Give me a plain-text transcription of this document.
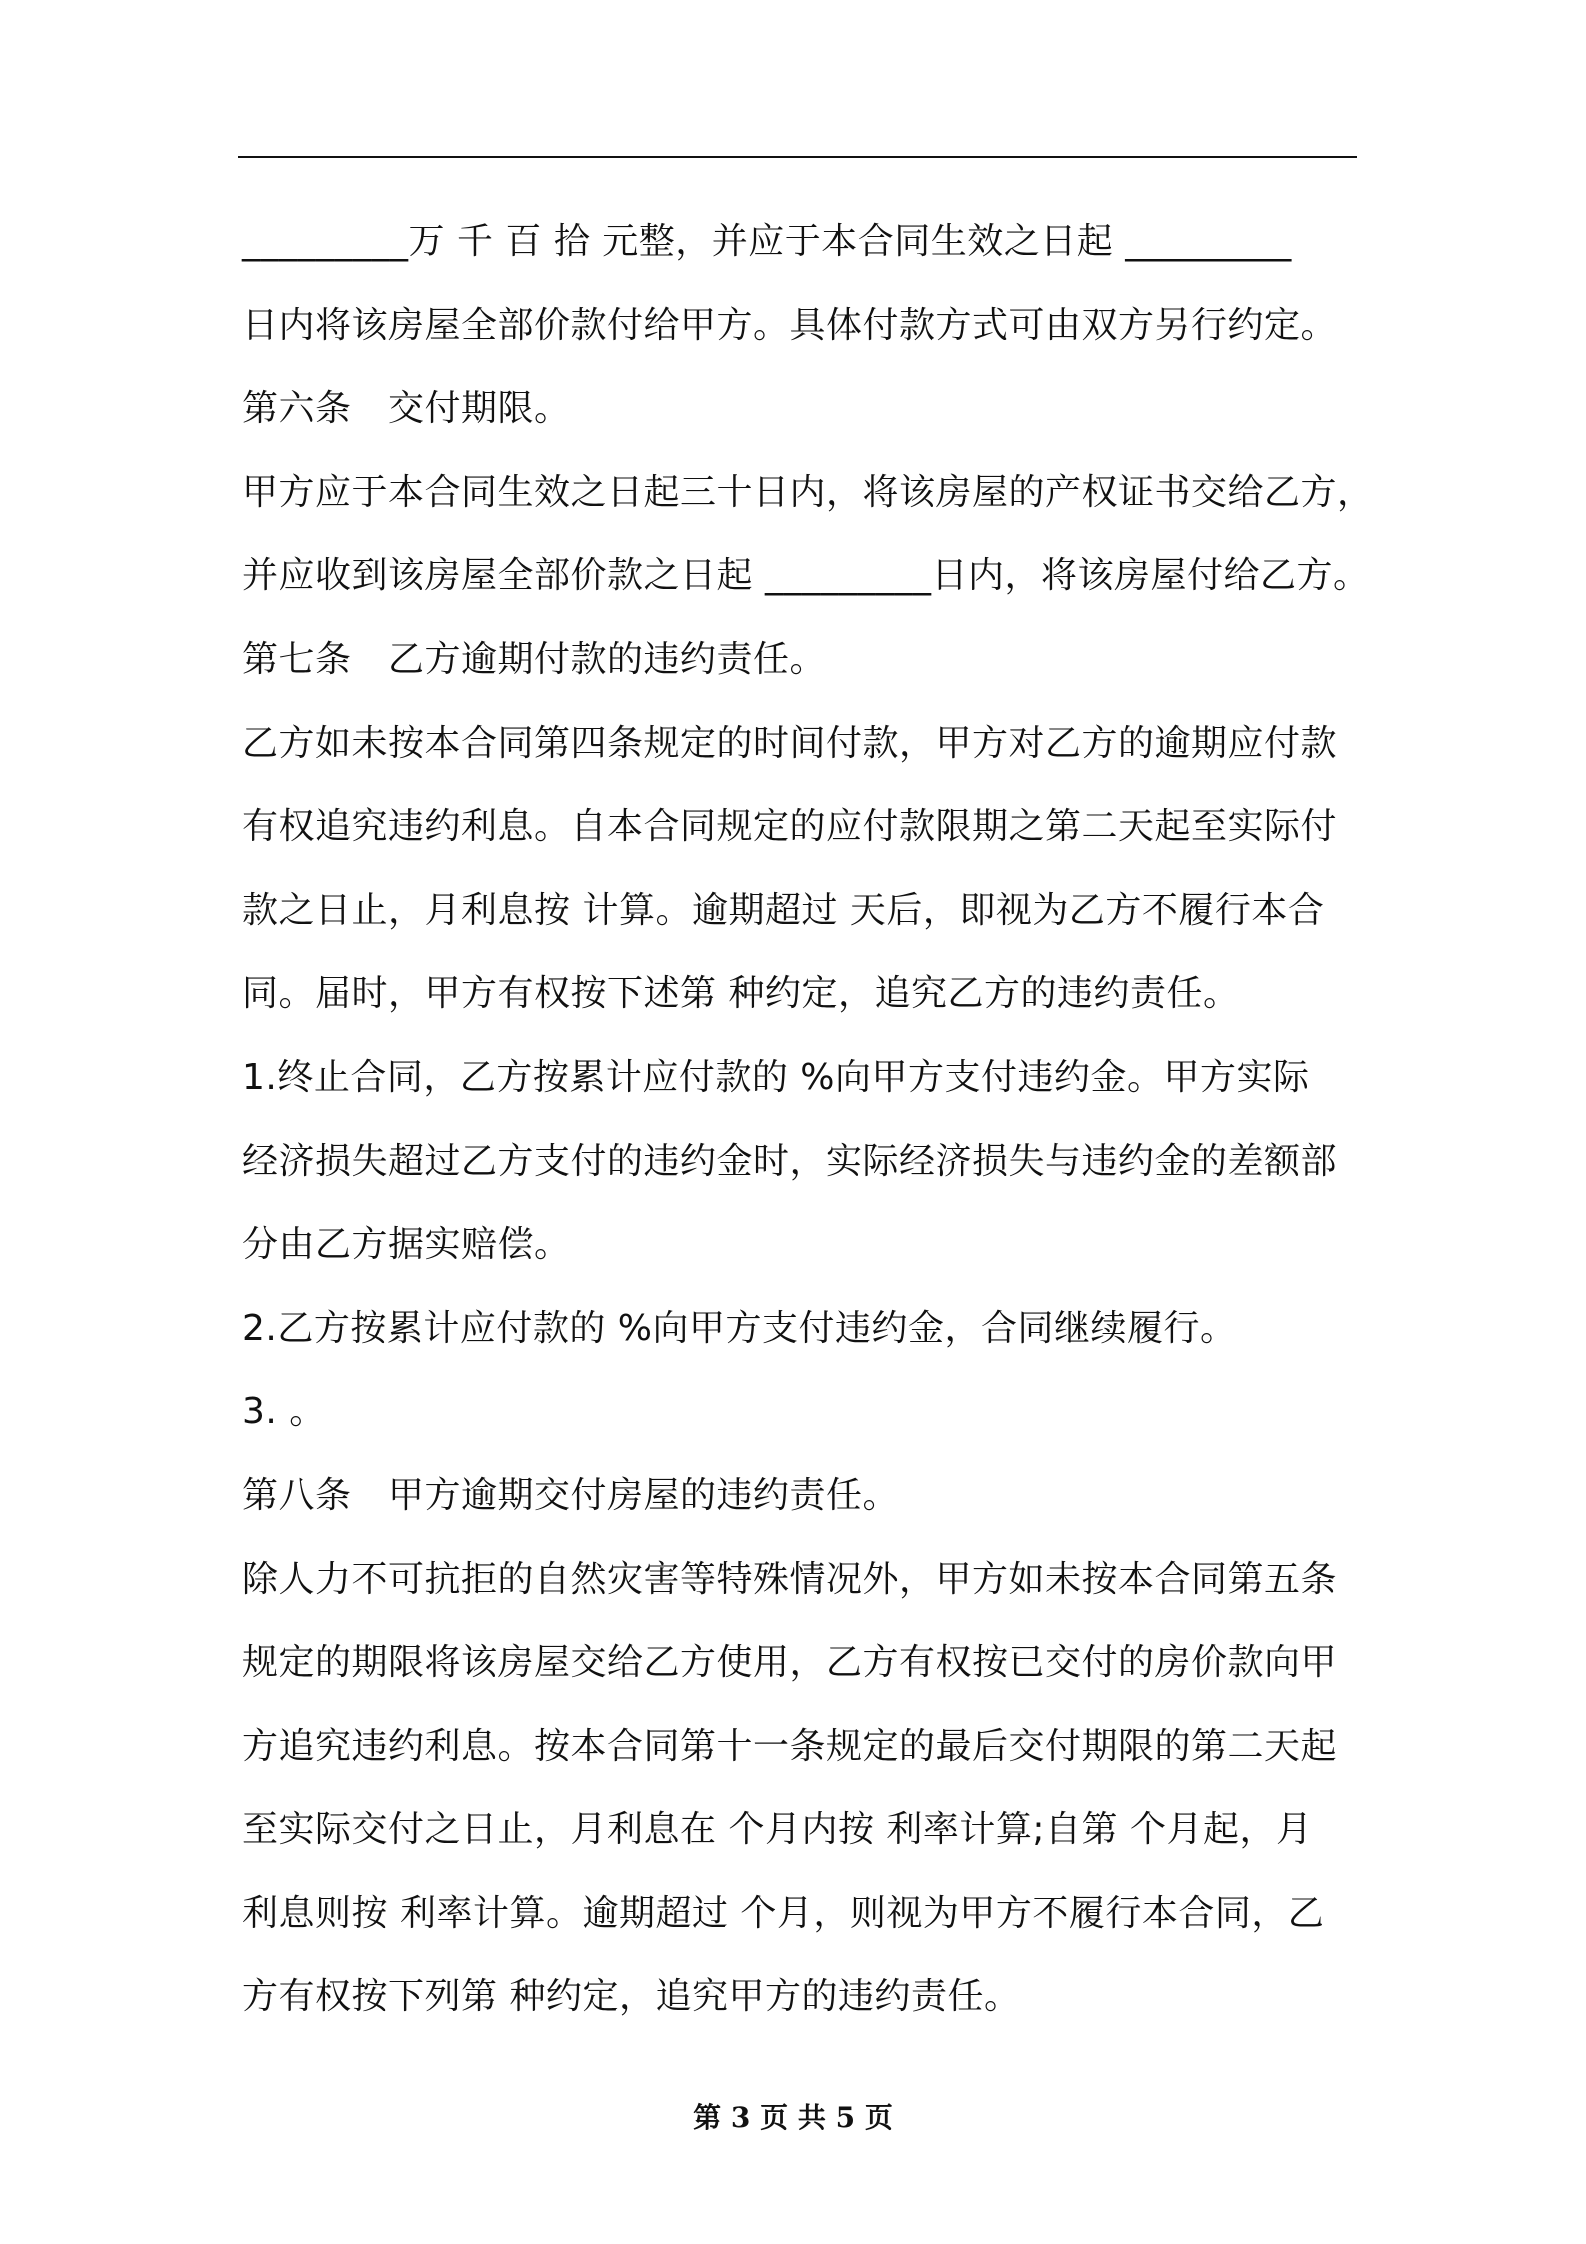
_________万 千 百 拾 元整，并应于本合同生效之日起 _________
日内将该房屋全部价款付给甲方。具体付款方式可由双方另行约定。
第六条　交付期限。
甲方应于本合同生效之日起三十日内，将该房屋的产权证书交给乙方，
并应收到该房屋全部价款之日起 _________日内，将该房屋付给乙方。
第七条　乙方逾期付款的违约责任。
乙方如未按本合同第四条规定的时间付款，甲方对乙方的逾期应付款
有权追究违约利息。自本合同规定的应付款限期之第二天起至实际付
款之日止，月利息按 计算。逾期超过 天后，即视为乙方不履行本合
同。届时，甲方有权按下述第 种约定，追究乙方的违约责任。
1.终止合同，乙方按累计应付款的 %向甲方支付违约金。甲方实际
经济损失超过乙方支付的违约金时，实际经济损失与违约金的差额部
分由乙方据实赔偿。
2.乙方按累计应付款的 %向甲方支付违约金，合同继续履行。
3. 。
第八条　甲方逾期交付房屋的违约责任。
除人力不可抗拒的自然灾害等特殊情况外，甲方如未按本合同第五条
规定的期限将该房屋交给乙方使用，乙方有权按已交付的房价款向甲
方追究违约利息。按本合同第十一条规定的最后交付期限的第二天起
至实际交付之日止，月利息在 个月内按 利率计算;自第 个月起，月
利息则按 利率计算。逾期超过 个月，则视为甲方不履行本合同，乙
方有权按下列第 种约定，追究甲方的违约责任。
第 3 页 共 5 页
